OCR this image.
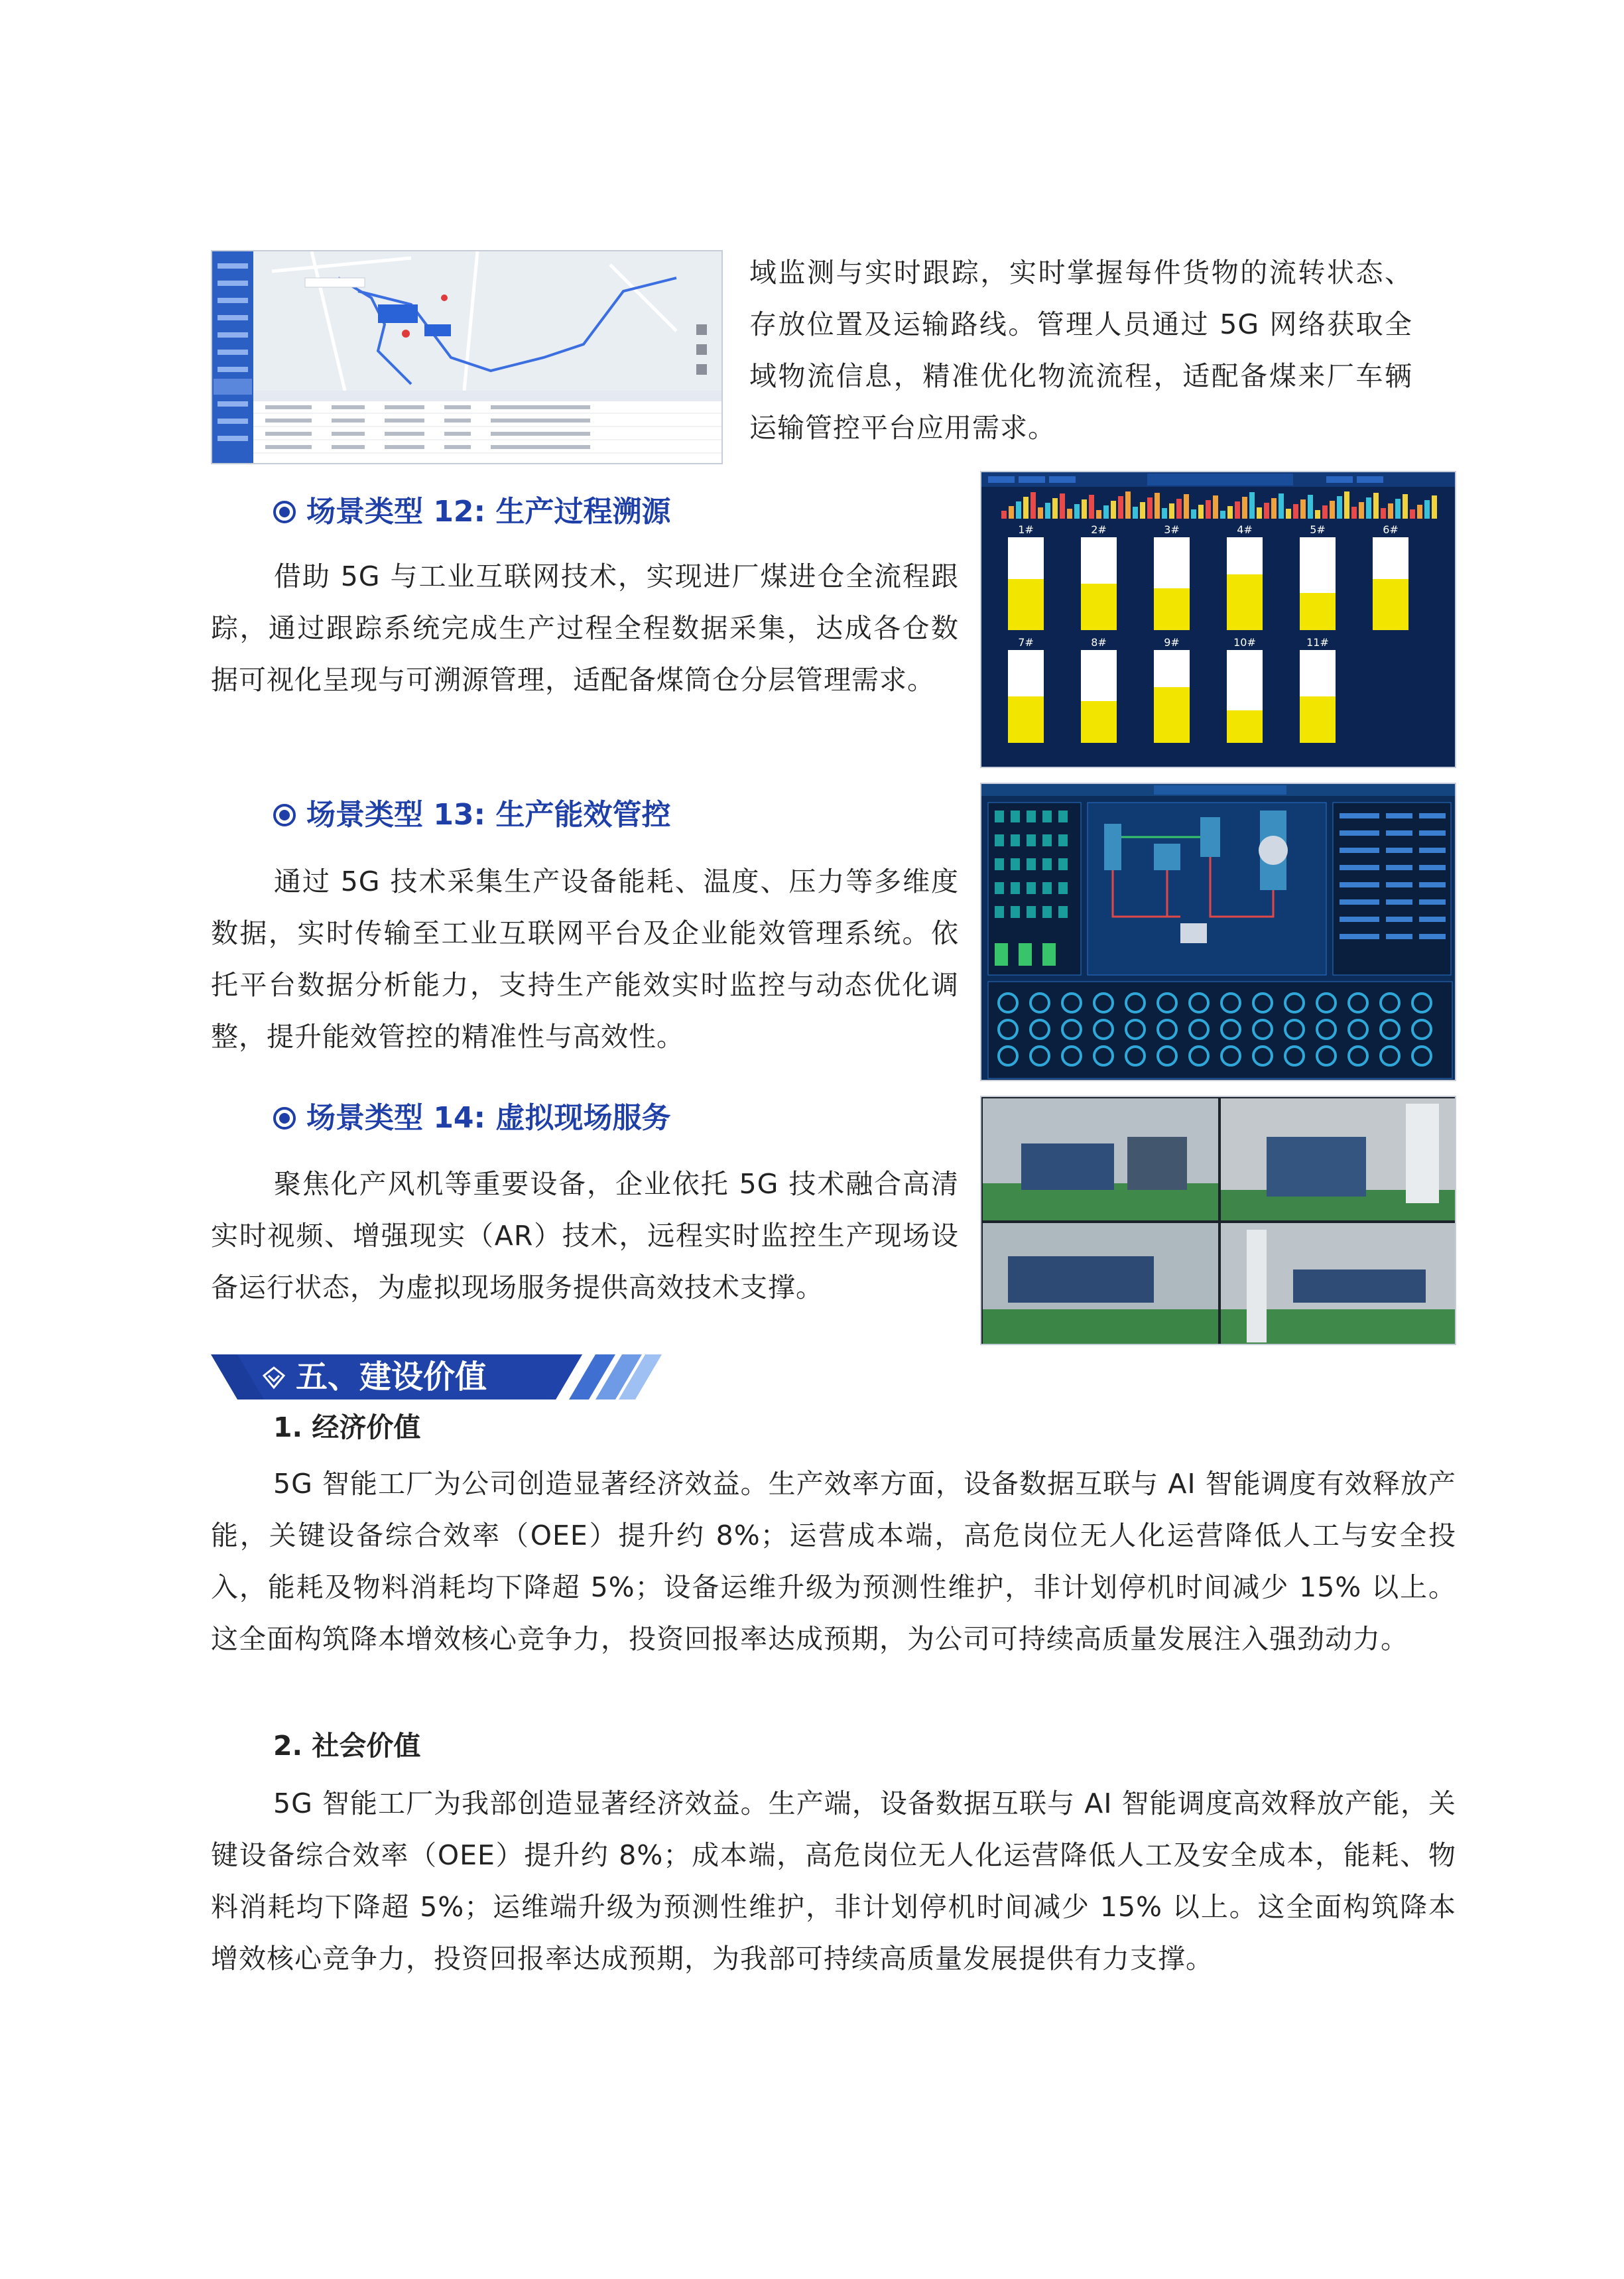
域监测与实时跟踪，实时掌握每件货物的流转状态、存放位置及运输路线。管理人员通过 5G 网络获取全域物流信息，精准优化物流流程，适配备煤来厂车辆运输管控平台应用需求。

场景类型 12: 生产过程溯源

借助 5G 与工业互联网技术，实现进厂煤进仓全流程跟踪，通过跟踪系统完成生产过程全程数据采集，达成各仓数据可视化呈现与可溯源管理，适配备煤筒仓分层管理需求。

1#	2#	3#	4#	5#	6#
7#	8#	9#	10#	11#
场景类型 13: 生产能效管控

通过 5G 技术采集生产设备能耗、温度、压力等多维度数据，实时传输至工业互联网平台及企业能效管理系统。依托平台数据分析能力，支持生产能效实时监控与动态优化调整，提升能效管控的精准性与高效性。

场景类型 14: 虚拟现场服务

聚焦化产风机等重要设备，企业依托 5G 技术融合高清实时视频、增强现实（AR）技术，远程实时监控生产现场设备运行状态，为虚拟现场服务提供高效技术支撑。

五、建设价值
1. 经济价值

5G 智能工厂为公司创造显著经济效益。生产效率方面，设备数据互联与 AI 智能调度有效释放产能，关键设备综合效率（OEE）提升约 8%；运营成本端，高危岗位无人化运营降低人工与安全投入，能耗及物料消耗均下降超 5%；设备运维升级为预测性维护，非计划停机时间减少 15% 以上。这全面构筑降本增效核心竞争力，投资回报率达成预期，为公司可持续高质量发展注入强劲动力。

2. 社会价值

5G 智能工厂为我部创造显著经济效益。生产端，设备数据互联与 AI 智能调度高效释放产能，关键设备综合效率（OEE）提升约 8%；成本端，高危岗位无人化运营降低人工及安全成本，能耗、物料消耗均下降超 5%；运维端升级为预测性维护，非计划停机时间减少 15% 以上。这全面构筑降本增效核心竞争力，投资回报率达成预期，为我部可持续高质量发展提供有力支撑。
